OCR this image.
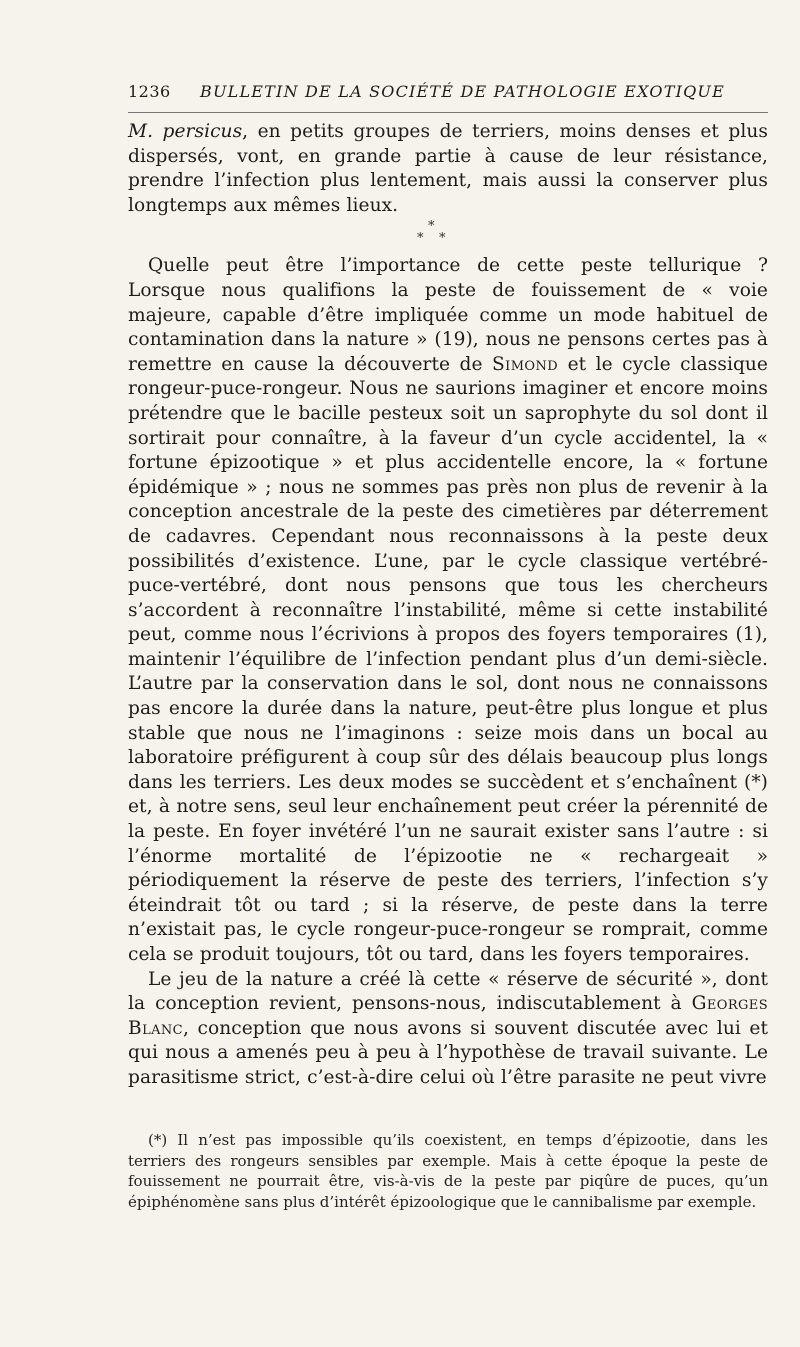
1236 BULLETIN DE LA SOCIÉTÉ DE PATHOLOGIE EXOTIQUE

M. persicus, en petits groupes de terriers, moins denses et plus dispersés, vont, en grande partie à cause de leur résistance, prendre l’infection plus lentement, mais aussi la conserver plus longtemps aux mêmes lieux.

*
* *

Quelle peut être l’importance de cette peste tellurique ? Lorsque nous qualifions la peste de fouissement de « voie majeure, capable d’être impliquée comme un mode habituel de contamination dans la nature » (19), nous ne pensons certes pas à remettre en cause la découverte de Simond et le cycle classique rongeur-puce-rongeur. Nous ne saurions imaginer et encore moins prétendre que le bacille pesteux soit un saprophyte du sol dont il sortirait pour connaître, à la faveur d’un cycle accidentel, la « fortune épizootique » et plus accidentelle encore, la « fortune épidémique » ; nous ne sommes pas près non plus de revenir à la conception ancestrale de la peste des cimetières par déterrement de cadavres. Cependant nous reconnaissons à la peste deux possibilités d’existence. L’une, par le cycle classique vertébré-puce-vertébré, dont nous pensons que tous les chercheurs s’accordent à reconnaître l’instabilité, même si cette instabilité peut, comme nous l’écrivions à propos des foyers temporaires (1), maintenir l’équilibre de l’infection pendant plus d’un demi-siècle. L’autre par la conservation dans le sol, dont nous ne connaissons pas encore la durée dans la nature, peut-être plus longue et plus stable que nous ne l’imaginons : seize mois dans un bocal au laboratoire préfigurent à coup sûr des délais beaucoup plus longs dans les terriers. Les deux modes se succèdent et s’enchaînent (*) et, à notre sens, seul leur enchaînement peut créer la pérennité de la peste. En foyer invétéré l’un ne saurait exister sans l’autre : si l’énorme mortalité de l’épizootie ne « rechargeait » périodiquement la réserve de peste des terriers, l’infection s’y éteindrait tôt ou tard ; si la réserve, de peste dans la terre n’existait pas, le cycle rongeur-puce-rongeur se romprait, comme cela se produit toujours, tôt ou tard, dans les foyers temporaires.

Le jeu de la nature a créé là cette « réserve de sécurité », dont la conception revient, pensons-nous, indiscutablement à Georges Blanc, conception que nous avons si souvent discutée avec lui et qui nous a amenés peu à peu à l’hypothèse de travail suivante. Le parasitisme strict, c’est-à-dire celui où l’être parasite ne peut vivre

(*) Il n’est pas impossible qu’ils coexistent, en temps d’épizootie, dans les terriers des rongeurs sensibles par exemple. Mais à cette époque la peste de fouissement ne pourrait être, vis-à-vis de la peste par piqûre de puces, qu’un épiphénomène sans plus d’intérêt épizoologique que le cannibalisme par exemple.
